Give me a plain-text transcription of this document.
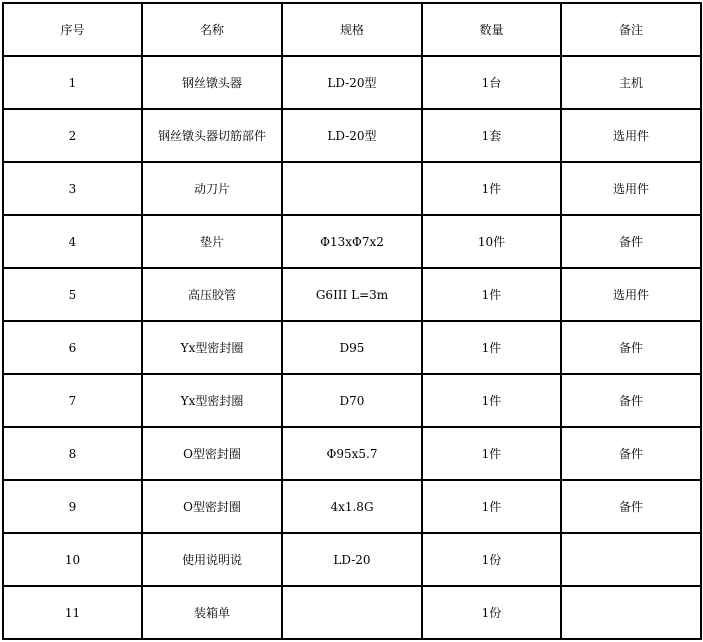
序号	名称	规格	数量	备注
1	钢丝镦头器	LD-20型	1台	主机
2	钢丝镦头器切筋部件	LD-20型	1套	选用件
3	动刀片		1件	选用件
4	垫片	Φ13xΦ7x2	10件	备件
5	高压胶管	G6III L=3m	1件	选用件
6	Yx型密封圈	D95	1件	备件
7	Yx型密封圈	D70	1件	备件
8	O型密封圈	Φ95x5.7	1件	备件
9	O型密封圈	4x1.8G	1件	备件
10	使用说明说	LD-20	1份	
11	装箱单		1份	
